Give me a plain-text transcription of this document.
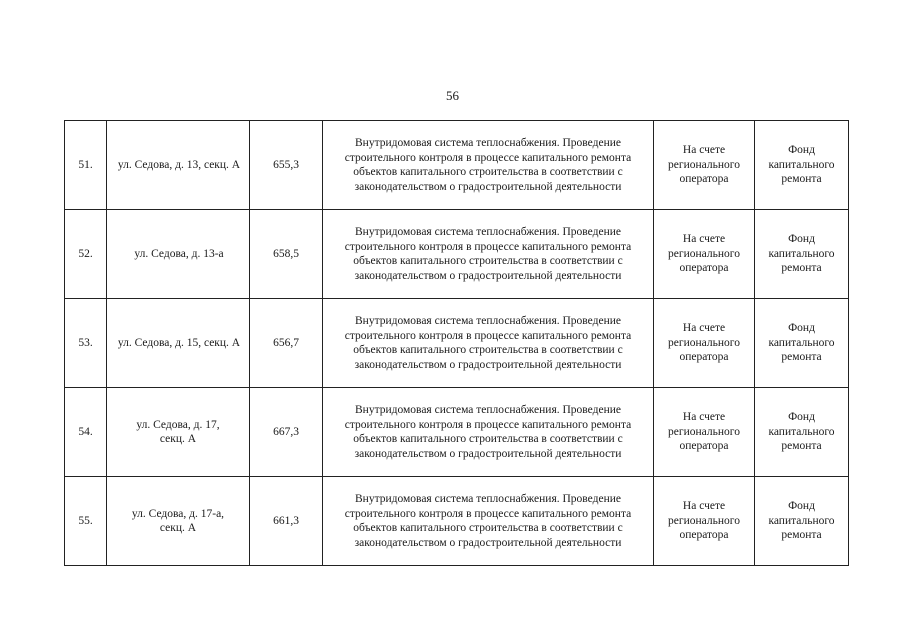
56
51.	ул. Седова, д. 13, секц. А	655,3	Внутридомовая система теплоснабжения. Проведение строительного контроля в процессе капитального ремонта объектов капитального строительства в соответствии с законодательством о градостроительной деятельности	На счете регионального оператора	Фонд капитального ремонта
52.	ул. Седова, д. 13-а	658,5	Внутридомовая система теплоснабжения. Проведение строительного контроля в процессе капитального ремонта объектов капитального строительства в соответствии с законодательством о градостроительной деятельности	На счете регионального оператора	Фонд капитального ремонта
53.	ул. Седова, д. 15, секц. А	656,7	Внутридомовая система теплоснабжения. Проведение строительного контроля в процессе капитального ремонта объектов капитального строительства в соответствии с законодательством о градостроительной деятельности	На счете регионального оператора	Фонд капитального ремонта
54.	ул. Седова, д. 17, секц. А	667,3	Внутридомовая система теплоснабжения. Проведение строительного контроля в процессе капитального ремонта объектов капитального строительства в соответствии с законодательством о градостроительной деятельности	На счете регионального оператора	Фонд капитального ремонта
55.	ул. Седова, д. 17-а, секц. А	661,3	Внутридомовая система теплоснабжения. Проведение строительного контроля в процессе капитального ремонта объектов капитального строительства в соответствии с законодательством о градостроительной деятельности	На счете регионального оператора	Фонд капитального ремонта
